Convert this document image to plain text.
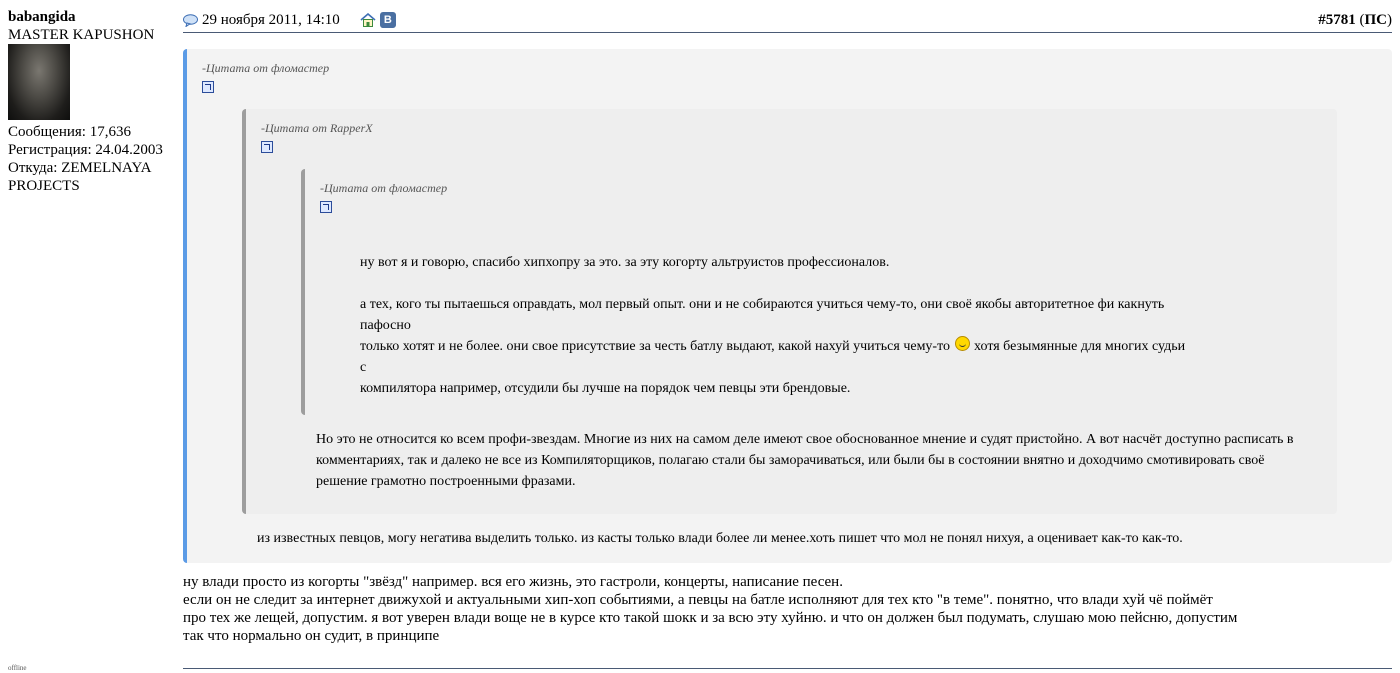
babangida
MASTER KAPUSHON
Сообщения: 17,636
Регистрация: 24.04.2003
Откуда: ZEMELNAYA
PROJECTS
offline
29 ноября 2011, 14:10	В	#5781 (ПС)
-Цитата от фломастер
-Цитата от RapperX
-Цитата от фломастер

ну вот я и говорю, спасибо хипхопру за это. за эту когорту альтруистов профессионалов.

а тех, кого ты пытаешься оправдать, мол первый опыт. они и не собираются учиться чему-то, они своё якобы авторитетное фи какнуть пафосно
только хотят и не более. они свое присутствие за честь батлу выдают, какой нахуй учиться чему-то  хотя безымянные для многих судьи с
компилятора например, отсудили бы лучше на порядок чем певцы эти брендовые.

Но это не относится ко всем профи-звездам. Многие из них на самом деле имеют свое обоснованное мнение и судят пристойно. А вот насчёт доступно расписать в
комментариях, так и далеко не все из Компиляторщиков, полагаю стали бы заморачиваться, или были бы в состоянии внятно и доходчимо смотивировать своё
решение грамотно построенными фразами.
из известных певцов, могу негатива выделить только. из касты только влади более ли менее.хоть пишет что мол не понял нихуя, а оценивает как-то как-то.
ну влади просто из когорты "звёзд" например. вся его жизнь, это гастроли, концерты, написание песен.
если он не следит за интернет движухой и актуальными хип-хоп событиями, а певцы на батле исполняют для тех кто "в теме". понятно, что влади хуй чё поймёт
про тех же лещей, допустим. я вот уверен влади воще не в курсе кто такой шокк и за всю эту хуйню. и что он должен был подумать, слушаю мою пейсню, допустим
так что нормально он судит, в принципе
